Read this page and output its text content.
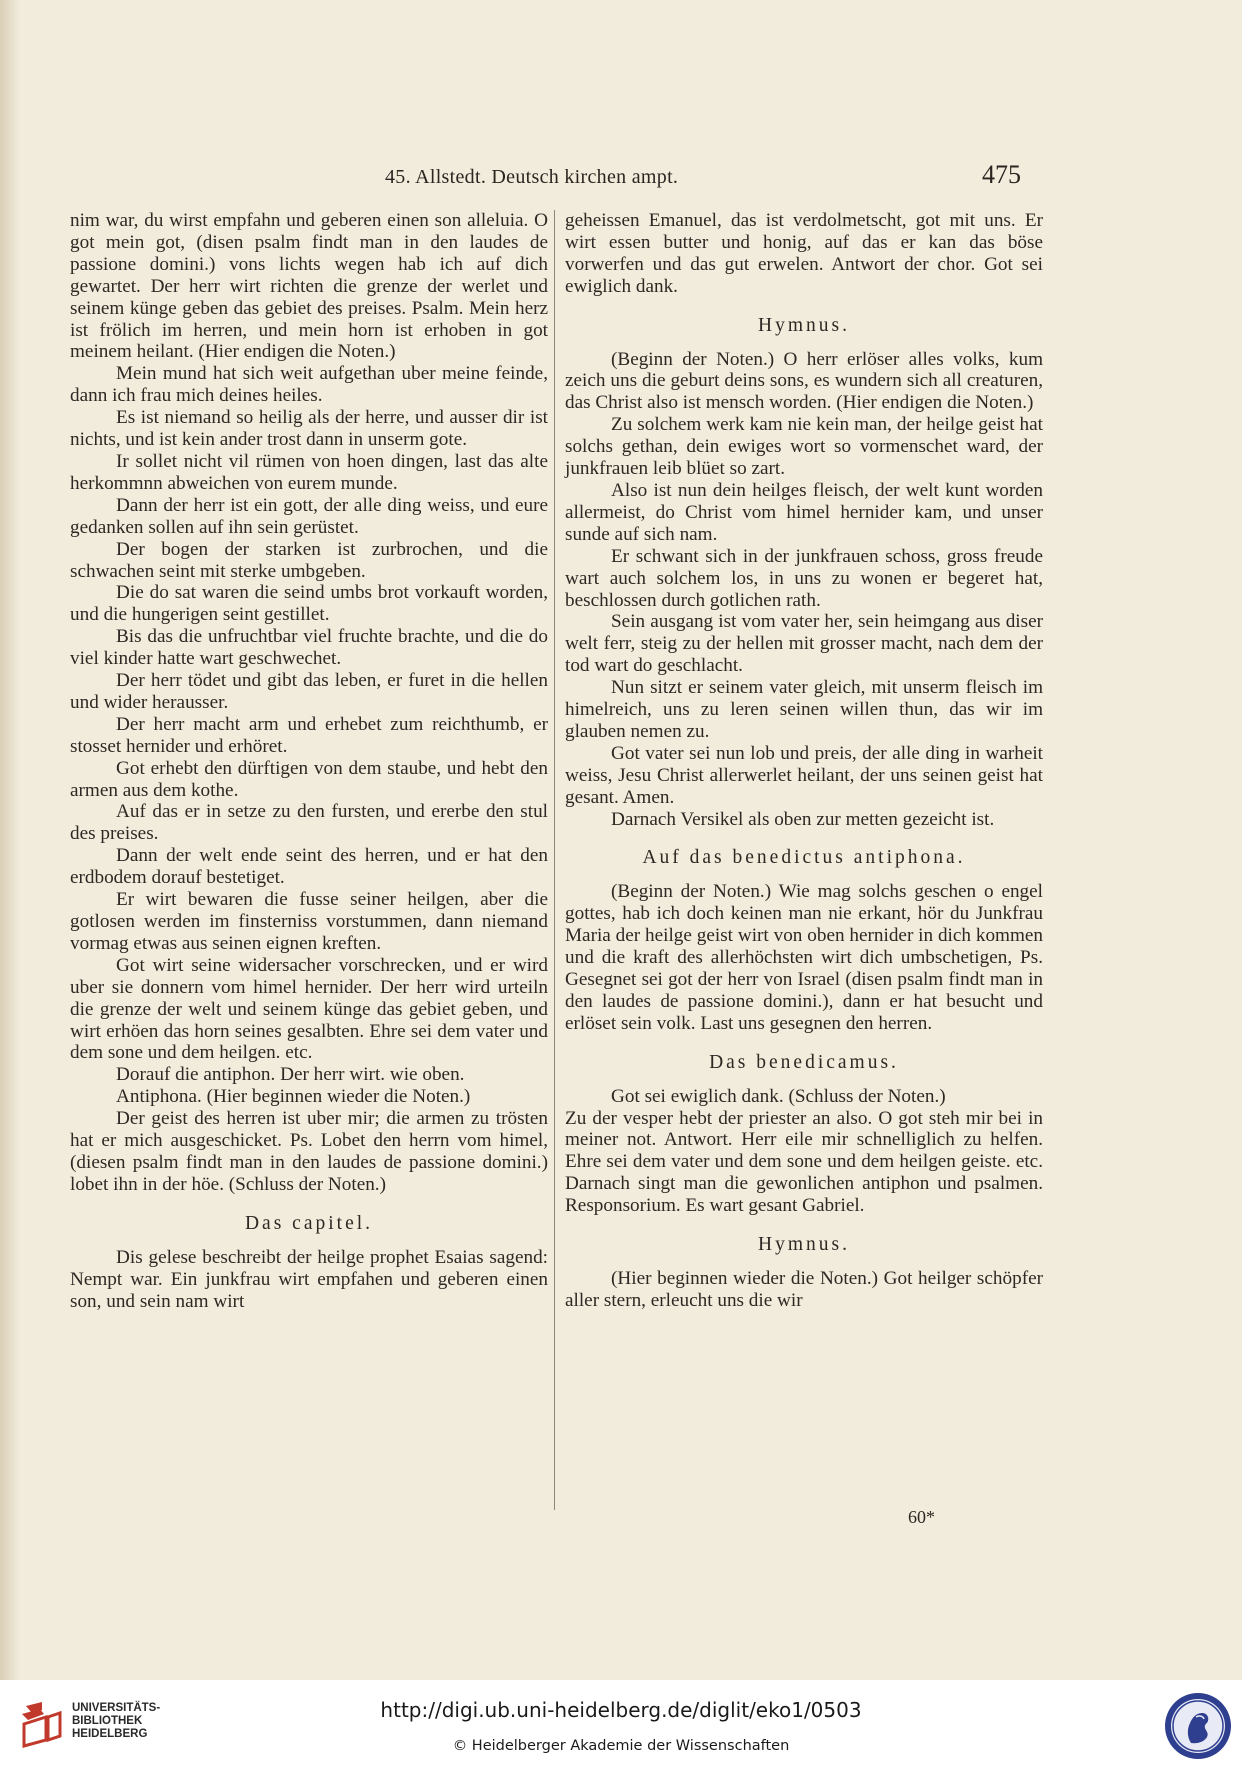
45. Allstedt. Deutsch kirchen ampt.	475

nim war, du wirst empfahn und geberen einen son alleluia. O got mein got, (disen psalm findt man in den laudes de passione domini.) vons lichts wegen hab ich auf dich gewartet. Der herr wirt richten die grenze der werlet und seinem künge geben das gebiet des preises. Psalm. Mein herz ist frölich im herren, und mein horn ist erhoben in got meinem heilant. (Hier endigen die Noten.)

Mein mund hat sich weit aufgethan uber meine feinde, dann ich frau mich deines heiles.

Es ist niemand so heilig als der herre, und ausser dir ist nichts, und ist kein ander trost dann in unserm gote.

Ir sollet nicht vil rümen von hoen dingen, last das alte herkommnn abweichen von eurem munde.

Dann der herr ist ein gott, der alle ding weiss, und eure gedanken sollen auf ihn sein gerüstet.

Der bogen der starken ist zurbrochen, und die schwachen seint mit sterke umbgeben.

Die do sat waren die seind umbs brot vorkauft worden, und die hungerigen seint gestillet.

Bis das die unfruchtbar viel fruchte brachte, und die do viel kinder hatte wart geschwechet.

Der herr tödet und gibt das leben, er furet in die hellen und wider herausser.

Der herr macht arm und erhebet zum reichthumb, er stosset hernider und erhöret.

Got erhebt den dürftigen von dem staube, und hebt den armen aus dem kothe.

Auf das er in setze zu den fursten, und ererbe den stul des preises.

Dann der welt ende seint des herren, und er hat den erdbodem dorauf bestetiget.

Er wirt bewaren die fusse seiner heilgen, aber die gotlosen werden im finsterniss vorstummen, dann niemand vormag etwas aus seinen eignen kreften.

Got wirt seine widersacher vorschrecken, und er wird uber sie donnern vom himel hernider. Der herr wird urteiln die grenze der welt und seinem künge das gebiet geben, und wirt erhöen das horn seines gesalbten. Ehre sei dem vater und dem sone und dem heilgen. etc.

Dorauf die antiphon. Der herr wirt. wie oben.

Antiphona. (Hier beginnen wieder die Noten.)

Der geist des herren ist uber mir; die armen zu trösten hat er mich ausgeschicket. Ps. Lobet den herrn vom himel, (diesen psalm findt man in den laudes de passione domini.) lobet ihn in der höe. (Schluss der Noten.)

Das capitel.

Dis gelese beschreibt der heilge prophet Esaias sagend: Nempt war. Ein junkfrau wirt empfahen und geberen einen son, und sein nam wirt

geheissen Emanuel, das ist verdolmetscht, got mit uns. Er wirt essen butter und honig, auf das er kan das böse vorwerfen und das gut erwelen. Antwort der chor. Got sei ewiglich dank.

Hymnus.

(Beginn der Noten.) O herr erlöser alles volks, kum zeich uns die geburt deins sons, es wundern sich all creaturen, das Christ also ist mensch worden. (Hier endigen die Noten.)

Zu solchem werk kam nie kein man, der heilge geist hat solchs gethan, dein ewiges wort so vormenschet ward, der junkfrauen leib blüet so zart.

Also ist nun dein heilges fleisch, der welt kunt worden allermeist, do Christ vom himel hernider kam, und unser sunde auf sich nam.

Er schwant sich in der junkfrauen schoss, gross freude wart auch solchem los, in uns zu wonen er begeret hat, beschlossen durch gotlichen rath.

Sein ausgang ist vom vater her, sein heimgang aus diser welt ferr, steig zu der hellen mit grosser macht, nach dem der tod wart do geschlacht.

Nun sitzt er seinem vater gleich, mit unserm fleisch im himelreich, uns zu leren seinen willen thun, das wir im glauben nemen zu.

Got vater sei nun lob und preis, der alle ding in warheit weiss, Jesu Christ allerwerlet heilant, der uns seinen geist hat gesant. Amen.

Darnach Versikel als oben zur metten gezeicht ist.

Auf das benedictus antiphona.

(Beginn der Noten.) Wie mag solchs geschen o engel gottes, hab ich doch keinen man nie erkant, hör du Junkfrau Maria der heilge geist wirt von oben hernider in dich kommen und die kraft des allerhöchsten wirt dich umbschetigen, Ps. Gesegnet sei got der herr von Israel (disen psalm findt man in den laudes de passione domini.), dann er hat besucht und erlöset sein volk. Last uns gesegnen den herren.

Das benedicamus.

Got sei ewiglich dank. (Schluss der Noten.)

Zu der vesper hebt der priester an also. O got steh mir bei in meiner not. Antwort. Herr eile mir schnelliglich zu helfen. Ehre sei dem vater und dem sone und dem heilgen geiste. etc. Darnach singt man die gewonlichen antiphon und psalmen. Responsorium. Es wart gesant Gabriel.

Hymnus.

(Hier beginnen wieder die Noten.) Got heilger schöpfer aller stern, erleucht uns die wir

60*
UNIVERSITÄTS-
BIBLIOTHEK
HEIDELBERG
http://digi.ub.uni-heidelberg.de/diglit/eko1/0503
© Heidelberger Akademie der Wissenschaften
